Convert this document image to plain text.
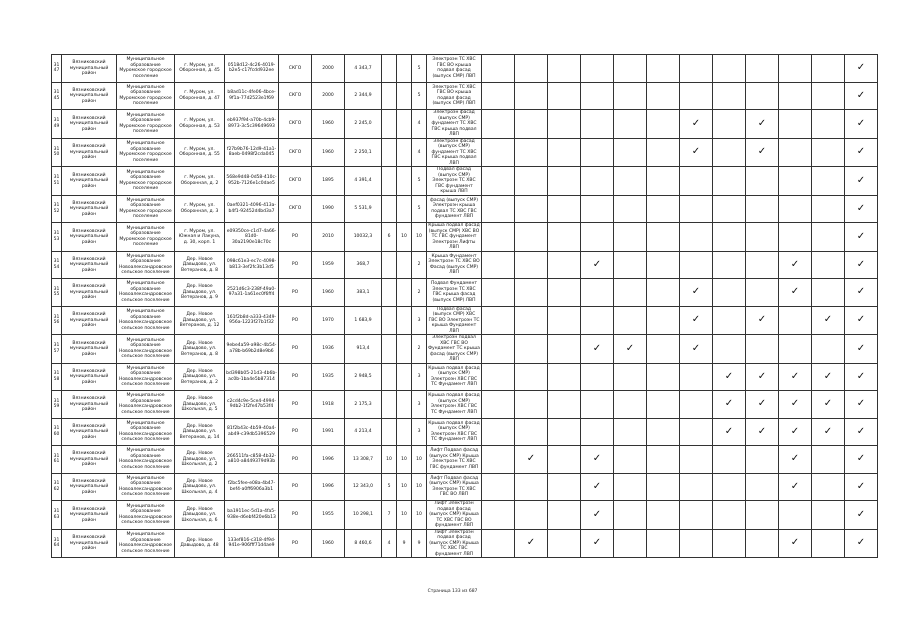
3147	Вязниковский муниципальный район	Муниципальное образование Муромское городское поселение	г. Муром, ул. Оборонная, д. 45	0518d12-4c26-4019-b2e5-c17fcdd932ee	СКГО	2000	4 343,7			5	Электроэн ТС ХВС ГВС ВО крыша подвал фасад (выпуск СМР) ЛВП												✓
3145	Вязниковский муниципальный район	Муниципальное образование Муромское городское поселение	г. Муром, ул. Оборонная, д. 47	b8ad11c-4fe06-4bce-9f1a-77d2523e1f69	СКГО	2000	2 344,9			5	Электроэн ТС ХВС ГВС ВО крыша подвал фасад (выпуск СМР) ЛВП												✓
3149	Вязниковский муниципальный район	Муниципальное образование Муромское городское поселение	г. Муром, ул. Оборонная, д. 53	eb937f94-a70b-4cb9-8973-3c5c39649693	СКГО	1960	2 245,0			4	Электроэн фасад (выпуск СМР) фундамент ТС ХВС ГВС крыша подвал ЛВП							✓		✓			✓
3150	Вязниковский муниципальный район	Муниципальное образование Муромское городское поселение	г. Муром, ул. Оборонная, д. 55	f27b9b76-12d9-41a1-8aeb-0498f2cda045	СКГО	1960	2 250,1			4	Электроэн фасад (выпуск СМР) фундамент ТС ХВС ГВС крыша подвал ЛВП							✓		✓			✓
3151	Вязниковский муниципальный район	Муниципальное образование Муромское городское поселение	г. Муром, ул. Оборонная, д. 2	568e9d48-0d58-410c-952b-7126e1c0dae5	СКГО	1895	4 391,4			5	Подвал фасад (выпуск СМР) Электроэн ТС ХВС ГВС фундамент крыша ЛВП												✓
3152	Вязниковский муниципальный район	Муниципальное образование Муромское городское поселение	г. Муром, ул. Оборонная, д. 3	0aef0321-4096-413a-b4f1-92452d4bd3a7	СКГО	1990	5 531,9			5	фасад (выпуск СМР) Электроэн крыша подвал ТС ХВС ГВС фундамент ЛВП												✓
3153	Вязниковский муниципальный район	Муниципальное образование Муромское городское поселение	г. Муром, ул. Южная и Лакуна, д. 30, корп. 1	e09350ce-c1d7-4a66-81d0-30a2190e18c70c	РО	2010	10032,3	6	10	10	Крыша подвал фасад (выпуск СМР) ХВС ВО ТС ГВС фундамент Электроэн Лифты ЛВП												✓
3154	Вязниковский муниципальный район	Муниципальное образование Новоалександровское сельское поселение	Дер. Новое Давыдово, ул. Ветеранов, д. 8	098c61e3-ec7c-4098-b813-3ef2fc3b13d5	РО	1959	368,7			2	Крыша Фундамент Электроэн ТС ХВС ВО Фасад (выпуск СМР) ЛВП				✓						✓		✓
3155	Вязниковский муниципальный район	Муниципальное образование Новоалександровское сельское поселение	Дер. Новое Давыдово, ул. Ветеранов, д. 9	2521d6c3-238f-49a0-97a31-1a61ec0f6ff4	РО	1960	383,1			2	Подвал Фундамент Электроэн ТС ХВС ГВС крыша фасад (выпуск СМР) ЛВП							✓			✓		✓
3156	Вязниковский муниципальный район	Муниципальное образование Новоалександровское сельское поселение	Дер. Новое Давыдово, ул. Ветеранов, д. 12	161f2b8d-a333-4349-956a-1223f27b1f32	РО	1970	1 683,9			3	Подвал фасад (выпуск СМР) ХВС ГВС ВО Электроэн ТС крыша Фундамент ЛВП							✓		✓		✓	✓
3157	Вязниковский муниципальный район	Муниципальное образование Новоалександровское сельское поселение	Дер. Новое Давыдово, ул. Ветеранов, д. 8	9ebe4a59-a98c-4b54-a78b-b69b2d8e9b6	РО	1936	913,4			2	Электроэн подвал ХВС ГВС ВО Фундамент ТС крыша фасад (выпуск СМР) ЛВП				✓	✓		✓					✓
3158	Вязниковский муниципальный район	Муниципальное образование Новоалександровское сельское поселение	Дер. Новое Давыдово, ул. Ветеранов, д. 2	bd398b05-21d3-4b6b-ac0b-1ba4e5b87314	РО	1935	2 948,5			3	Крыша подвал фасад (выпуск СМР) Электроэн ХВС ГВС ТС Фундамент ЛВП								✓	✓	✓	✓	✓
3159	Вязниковский муниципальный район	Муниципальное образование Новоалександровское сельское поселение	Дер. Новое Давыдово, ул. Школьная, д. 5	c2cd4c9e-5ce4-4994-9db2-1f2fe47b53f4	РО	1918	2 175,3			3	Крыша подвал фасад (выпуск СМР) Электроэн ХВС ГВС ТС Фундамент ЛВП								✓	✓	✓	✓	✓
3160	Вязниковский муниципальный район	Муниципальное образование Новоалександровское сельское поселение	Дер. Новое Давыдово, ул. Ветеранов, д. 14	81f2b43c-4b59-40a4-ab49-c39db5396529	РО	1991	4 213,4			3	Крыша подвал фасад (выпуск СМР) Электроэн ХВС ГВС ТС Фундамент ЛВП								✓	✓	✓	✓	✓
3161	Вязниковский муниципальный район	Муниципальное образование Новоалександровское сельское поселение	Дер. Новое Давыдово, ул. Школьная, д. 2	266511fa-c858-4b32-a810-a8449379d93b	РО	1996	13 308,7	10	10	10	Лифт Подвал фасад (выпуск СМР) Крыша Электроэн ТС ХВС ГВС фундамент ЛВП		✓		✓						✓		✓
3162	Вязниковский муниципальный район	Муниципальное образование Новоалександровское сельское поселение	Дер. Новое Давыдово, ул. Школьная, д. 4	f2bc5fee-e08a-4b47-bef4-a0ff6906a3b1	РО	1996	12 343,0	5	10	10	Лифт Подвал фасад (выпуск СМР) Крыша Электроэн ТС ХВС ГВС ВО ЛВП				✓						✓		✓
3163	Вязниковский муниципальный район	Муниципальное образование Новоалександровское сельское поселение	Дер. Новое Давыдово, ул. Школьная, д. 6	ba1911ec-5d1a-4fa5-938e-d6ebf420e6b13	РО	1955	10 298,1	7	10	10	Лифт Электроэн подвал фасад (выпуск СМР) Крыша ТС ХВС ГВС ВО фундамент ЛВП				✓								✓
3164	Вязниковский муниципальный район	Муниципальное образование Новоалександровское сельское поселение	Дер. Новое Давыдово, д. 48	133ef816-c318-4f9d-941e-906fff71d4ae9	РО	1960	8 460,6	4	9	9	Лифт Электроэн подвал фасад (выпуск СМР) Крыша ТС ХВС ГВС фундамент ЛВП		✓		✓						✓		✓
Страница 133 из 687
